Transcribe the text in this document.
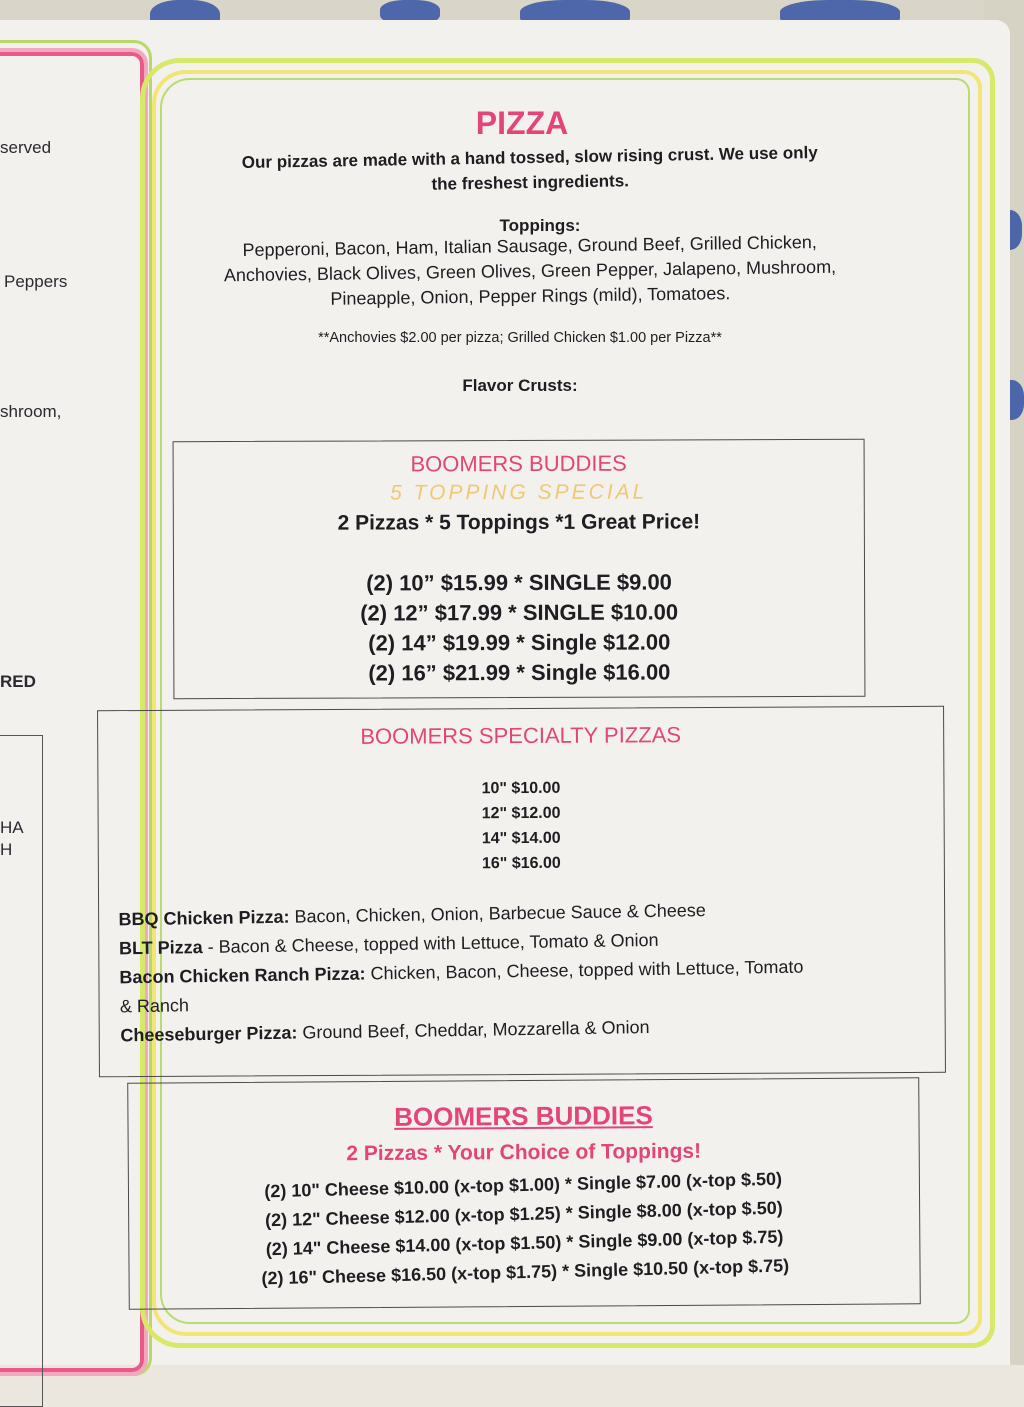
served
Peppers
shroom,
RED
HA
H
PIZZA
Our pizzas are made with a hand tossed, slow rising crust. We use only
the freshest ingredients.
Toppings:
Pepperoni, Bacon, Ham, Italian Sausage, Ground Beef, Grilled Chicken,
Anchovies, Black Olives, Green Olives, Green Pepper, Jalapeno, Mushroom,
Pineapple, Onion, Pepper Rings (mild), Tomatoes.
**Anchovies $2.00 per pizza; Grilled Chicken $1.00 per Pizza**
Flavor Crusts:
BOOMERS BUDDIES
5 TOPPING SPECIAL
2 Pizzas * 5 Toppings *1 Great Price!
(2) 10” $15.99 * SINGLE $9.00
(2) 12” $17.99 * SINGLE $10.00
(2) 14” $19.99 * Single $12.00
(2) 16” $21.99 * Single $16.00
BOOMERS SPECIALTY PIZZAS
10" $10.00
12" $12.00
14" $14.00
16" $16.00
BBQ Chicken Pizza: Bacon, Chicken, Onion, Barbecue Sauce & Cheese
BLT Pizza - Bacon & Cheese, topped with Lettuce, Tomato & Onion
Bacon Chicken Ranch Pizza: Chicken, Bacon, Cheese, topped with Lettuce, Tomato
& Ranch
Cheeseburger Pizza: Ground Beef, Cheddar, Mozzarella & Onion
BOOMERS BUDDIES
2 Pizzas * Your Choice of Toppings!
(2) 10" Cheese $10.00 (x-top $1.00) * Single $7.00 (x-top $.50)
(2) 12" Cheese $12.00 (x-top $1.25) * Single $8.00 (x-top $.50)
(2) 14" Cheese $14.00 (x-top $1.50) * Single $9.00 (x-top $.75)
(2) 16" Cheese $16.50 (x-top $1.75) * Single $10.50 (x-top $.75)
